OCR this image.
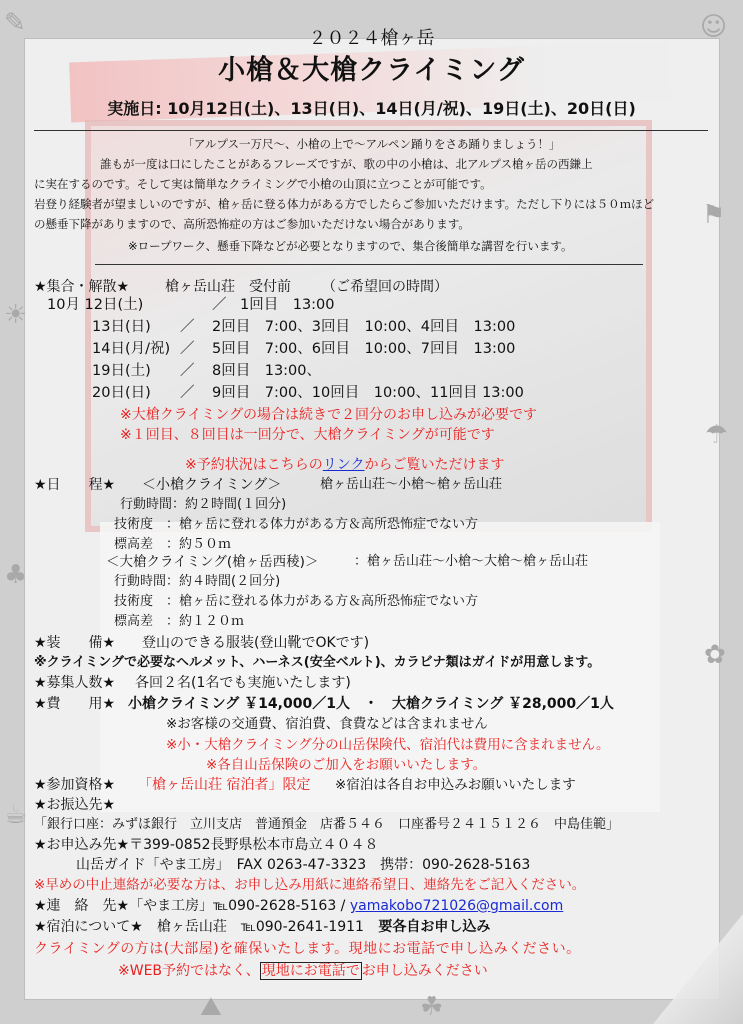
✎	☺
⚑
☂
✿
☀
♣
☕
⛰	☘
２０２４槍ヶ岳
小槍＆大槍クライミング
実施日: 10月12日(土)、13日(日)、14日(月/祝)、19日(土)、20日(日)
「アルプス一万尺～、小槍の上で～アルペン踊りをさあ踊りましょう！」
誰もが一度は口にしたことがあるフレーズですが、歌の中の小槍は、北アルプス槍ヶ岳の西鎌上
に実在するのです。そして実は簡単なクライミングで小槍の山頂に立つことが可能です。
岩登り経験者が望ましいのですが、槍ヶ岳に登る体力がある方でしたらご参加いただけます。ただし下りには５０ｍほど
の懸垂下降がありますので、高所恐怖症の方はご参加いただけない場合があります。
※ロープワーク、懸垂下降などが必要となりますので、集合後簡単な講習を行います。
★集合・解散★	槍ヶ岳山荘　受付前 （ご希望回の時間）
10月 12日(土)	／ 1回目　13:00
13日(日) ／ 2回目　7:00、3回目　10:00、4回目　13:00
14日(月/祝) ／ 5回目　7:00、6回目　10:00、7回目　13:00
19日(土) ／ 8回目　13:00、
20日(日) ／ 9回目　7:00、10回目　10:00、11回目 13:00
※大槍クライミングの場合は続きで２回分のお申し込みが必要です
※１回目、８回目は一回分で、大槍クライミングが可能です
※予約状況はこちらのリンクからご覧いただけます
★日　　程★ ＜小槍クライミング＞	槍ヶ岳山荘～小槍～槍ヶ岳山荘
行動時間：約２時間(１回分)
技術度　：槍ヶ岳に登れる体力がある方＆高所恐怖症でない方
標高差　：約５０ｍ
＜大槍クライミング(槍ヶ岳西稜)＞	：槍ヶ岳山荘～小槍～大槍～槍ヶ岳山荘
行動時間：約４時間(２回分)
技術度　：槍ヶ岳に登れる体力がある方＆高所恐怖症でない方
標高差　：約１２０ｍ
★装　　備★ 登山のできる服装(登山靴でOKです)
※クライミングで必要なヘルメット、ハーネス(安全ベルト)、カラビナ類はガイドが用意します。
★募集人数★ 各回２名(1名でも実施いたします)
★費　　用★ 小槍クライミング ￥14,000／1人　・　大槍クライミング ￥28,000／1人
※お客様の交通費、宿泊費、食費などは含まれません
※小・大槍クライミング分の山岳保険代、宿泊代は費用に含まれません。
※各自山岳保険のご加入をお願いいたします。
★参加資格★ 「槍ヶ岳山荘 宿泊者」限定 ※宿泊は各自お申込みお願いいたします
★お振込先★
「銀行口座：みずほ銀行　立川支店　普通預金　店番５４６　口座番号２４１５１２６　中島佳範」
★お申込み先★〒399-0852長野県松本市島立４０４８
山岳ガイド「やま工房」　FAX 0263-47-3323　携帯：090-2628-5163
※早めの中止連絡が必要な方は、お申し込み用紙に連絡希望日、連絡先をご記入ください。
★連　絡　先★「やま工房」℡090-2628-5163 / yamakobo721026@gmail.com
★宿泊について★　槍ヶ岳山荘　℡090-2641-1911 要各自お申し込み
クライミングの方は(大部屋)を確保いたします。現地にお電話で申し込みください。
※WEB予約ではなく、 現地にお電話で お申し込みください
